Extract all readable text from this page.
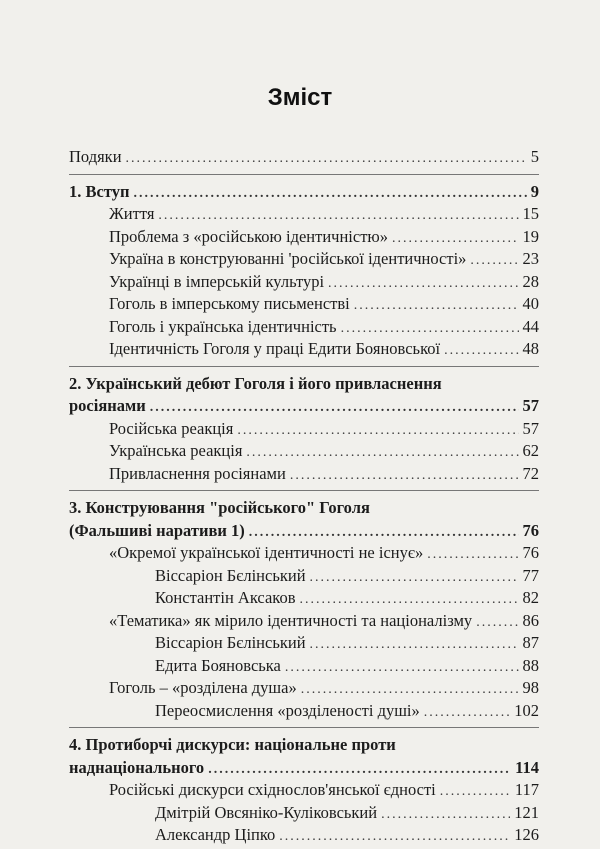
Зміст
Подяки .....	5
1. Вступ .....	9
Життя .....	15
Проблема з «російською ідентичністю» .....	19
Україна в конструюванні 'російської ідентичності» .....	23
Українці в імперській культурі .....	28
Гоголь в імперському письменстві .....	40
Гоголь і українська ідентичність .....	44
Ідентичність Гоголя у праці Едити Бояновської .....	48
2. Український дебют Гоголя і його привласнення
росіянами .....	57
Російська реакція .....	57
Українська реакція .....	62
Привласнення росіянами .....	72
3. Конструювання "російського" Гоголя
(Фальшиві наративи 1) .....	76
«Окремої української ідентичності не існує» .....	76
Віссаріон Бєлінський .....	77
Константін Аксаков .....	82
«Тематика» як мірило ідентичності та націоналізму .....	86
Віссаріон Бєлінський .....	87
Едита Бояновська .....	88
Гоголь – «розділена душа» .....	98
Переосмислення «розділеності душі» .....	102
4. Протиборчі дискурси: національне проти
наднаціонального .....	114
Російські дискурси східнослов'янської єдності .....	117
Дмітрій Овсяніко-Куліковський .....	121
Александр Ціпко .....	126
